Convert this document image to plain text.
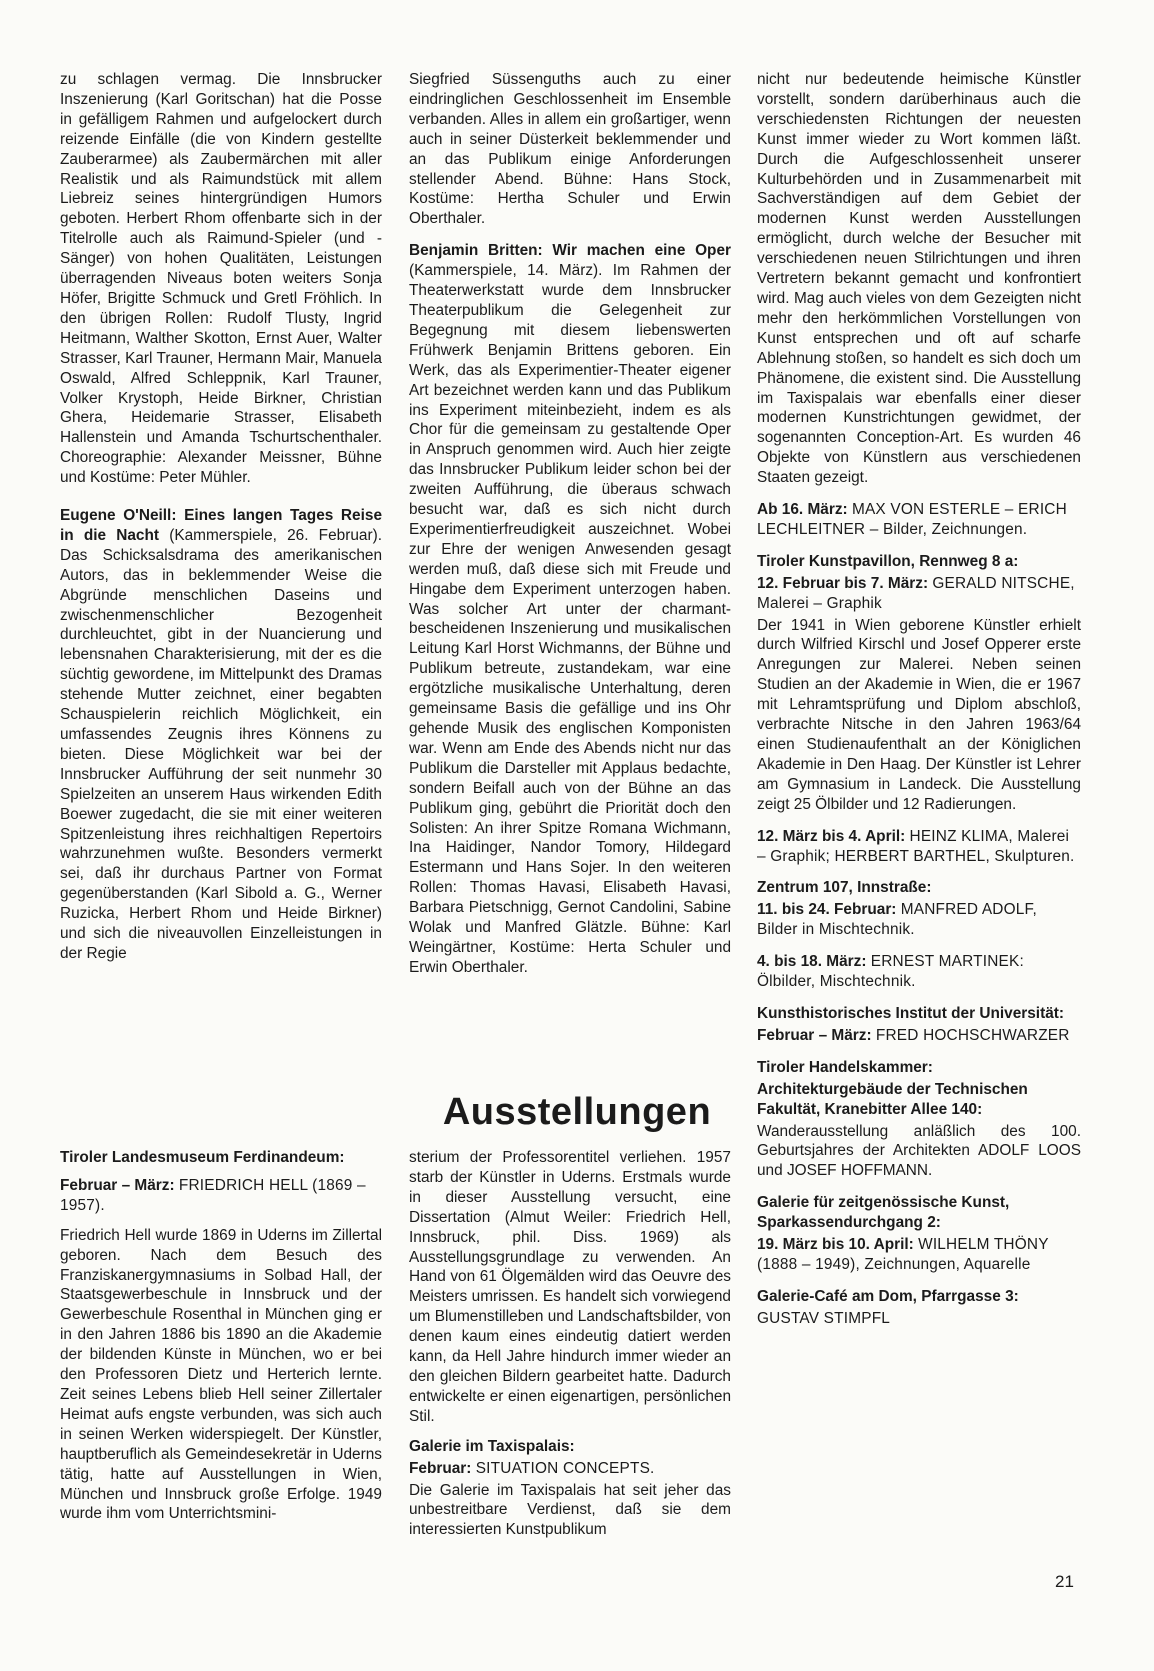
zu schlagen vermag. Die Innsbrucker Inszenierung (Karl Goritschan) hat die Posse in gefälligem Rahmen und aufgelockert durch reizende Einfälle (die von Kindern gestellte Zauberarmee) als Zaubermärchen mit aller Realistik und als Raimundstück mit allem Liebreiz seines hintergründigen Humors geboten. Herbert Rhom offenbarte sich in der Titelrolle auch als Raimund-Spieler (und -Sänger) von hohen Qualitäten, Leistungen überragenden Niveaus boten weiters Sonja Höfer, Brigitte Schmuck und Gretl Fröhlich. In den übrigen Rollen: Rudolf Tlusty, Ingrid Heitmann, Walther Skotton, Ernst Auer, Walter Strasser, Karl Trauner, Hermann Mair, Manuela Oswald, Alfred Schleppnik, Karl Trauner, Volker Krystoph, Heide Birkner, Christian Ghera, Heidemarie Strasser, Elisabeth Hallenstein und Amanda Tschurtschenthaler. Choreographie: Alexander Meissner, Bühne und Kostüme: Peter Mühler.

Eugene O'Neill: Eines langen Tages Reise in die Nacht (Kammerspiele, 26. Februar). Das Schicksalsdrama des amerikanischen Autors, das in beklemmender Weise die Abgründe menschlichen Daseins und zwischenmenschlicher Bezogenheit durchleuchtet, gibt in der Nuancierung und lebensnahen Charakterisierung, mit der es die süchtig gewordene, im Mittelpunkt des Dramas stehende Mutter zeichnet, einer begabten Schauspielerin reichlich Möglichkeit, ein umfassendes Zeugnis ihres Könnens zu bieten. Diese Möglichkeit war bei der Innsbrucker Aufführung der seit nunmehr 30 Spielzeiten an unserem Haus wirkenden Edith Boewer zugedacht, die sie mit einer weiteren Spitzenleistung ihres reichhaltigen Repertoirs wahrzunehmen wußte. Besonders vermerkt sei, daß ihr durchaus Partner von Format gegenüberstanden (Karl Sibold a. G., Werner Ruzicka, Herbert Rhom und Heide Birkner) und sich die niveauvollen Einzelleistungen in der Regie

Siegfried Süssenguths auch zu einer eindringlichen Geschlossenheit im Ensemble verbanden. Alles in allem ein großartiger, wenn auch in seiner Düsterkeit beklemmender und an das Publikum einige Anforderungen stellender Abend. Bühne: Hans Stock, Kostüme: Hertha Schuler und Erwin Oberthaler.

Benjamin Britten: Wir machen eine Oper (Kammerspiele, 14. März). Im Rahmen der Theaterwerkstatt wurde dem Innsbrucker Theaterpublikum die Gelegenheit zur Begegnung mit diesem liebenswerten Frühwerk Benjamin Brittens geboren. Ein Werk, das als Experimentier-Theater eigener Art bezeichnet werden kann und das Publikum ins Experiment miteinbezieht, indem es als Chor für die gemeinsam zu gestaltende Oper in Anspruch genommen wird. Auch hier zeigte das Innsbrucker Publikum leider schon bei der zweiten Aufführung, die überaus schwach besucht war, daß es sich nicht durch Experimentierfreudigkeit auszeichnet. Wobei zur Ehre der wenigen Anwesenden gesagt werden muß, daß diese sich mit Freude und Hingabe dem Experiment unterzogen haben. Was solcher Art unter der charmant-bescheidenen Inszenierung und musikalischen Leitung Karl Horst Wichmanns, der Bühne und Publikum betreute, zustandekam, war eine ergötzliche musikalische Unterhaltung, deren gemeinsame Basis die gefällige und ins Ohr gehende Musik des englischen Komponisten war. Wenn am Ende des Abends nicht nur das Publikum die Darsteller mit Applaus bedachte, sondern Beifall auch von der Bühne an das Publikum ging, gebührt die Priorität doch den Solisten: An ihrer Spitze Romana Wichmann, Ina Haidinger, Nandor Tomory, Hildegard Estermann und Hans Sojer. In den weiteren Rollen: Thomas Havasi, Elisabeth Havasi, Barbara Pietschnigg, Gernot Candolini, Sabine Wolak und Manfred Glätzle. Bühne: Karl Weingärtner, Kostüme: Herta Schuler und Erwin Oberthaler.

nicht nur bedeutende heimische Künstler vorstellt, sondern darüberhinaus auch die verschiedensten Richtungen der neuesten Kunst immer wieder zu Wort kommen läßt. Durch die Aufgeschlossenheit unserer Kulturbehörden und in Zusammenarbeit mit Sachverständigen auf dem Gebiet der modernen Kunst werden Ausstellungen ermöglicht, durch welche der Besucher mit verschiedenen neuen Stilrichtungen und ihren Vertretern bekannt gemacht und konfrontiert wird. Mag auch vieles von dem Gezeigten nicht mehr den herkömmlichen Vorstellungen von Kunst entsprechen und oft auf scharfe Ablehnung stoßen, so handelt es sich doch um Phänomene, die existent sind. Die Ausstellung im Taxispalais war ebenfalls einer dieser modernen Kunstrichtungen gewidmet, der sogenannten Conception-Art. Es wurden 46 Objekte von Künstlern aus verschiedenen Staaten gezeigt.

Ab 16. März: MAX VON ESTERLE – ERICH LECHLEITNER – Bilder, Zeichnungen.

Tiroler Kunstpavillon, Rennweg 8 a:

12. Februar bis 7. März: GERALD NITSCHE, Malerei – Graphik

Der 1941 in Wien geborene Künstler erhielt durch Wilfried Kirschl und Josef Opperer erste Anregungen zur Malerei. Neben seinen Studien an der Akademie in Wien, die er 1967 mit Lehramtsprüfung und Diplom abschloß, verbrachte Nitsche in den Jahren 1963/64 einen Studienaufenthalt an der Königlichen Akademie in Den Haag. Der Künstler ist Lehrer am Gymnasium in Landeck. Die Ausstellung zeigt 25 Ölbilder und 12 Radierungen.

12. März bis 4. April: HEINZ KLIMA, Malerei – Graphik; HERBERT BARTHEL, Skulpturen.

Zentrum 107, Innstraße:

11. bis 24. Februar: MANFRED ADOLF, Bilder in Mischtechnik.

4. bis 18. März: ERNEST MARTINEK: Ölbilder, Mischtechnik.

Kunsthistorisches Institut der Universität:

Februar – März: FRED HOCHSCHWARZER

Tiroler Handelskammer:

Architekturgebäude der Technischen Fakultät, Kranebitter Allee 140:

Wanderausstellung anläßlich des 100. Geburtsjahres der Architekten ADOLF LOOS und JOSEF HOFFMANN.

Galerie für zeitgenössische Kunst, Sparkassendurchgang 2:

19. März bis 10. April: WILHELM THÖNY (1888 – 1949), Zeichnungen, Aquarelle

Galerie-Café am Dom, Pfarrgasse 3:

GUSTAV STIMPFL

Ausstellungen

Tiroler Landesmuseum Ferdinandeum:

Februar – März: FRIEDRICH HELL (1869 – 1957).

Friedrich Hell wurde 1869 in Uderns im Zillertal geboren. Nach dem Besuch des Franziskanergymnasiums in Solbad Hall, der Staatsgewerbeschule in Innsbruck und der Gewerbeschule Rosenthal in München ging er in den Jahren 1886 bis 1890 an die Akademie der bildenden Künste in München, wo er bei den Professoren Dietz und Herterich lernte. Zeit seines Lebens blieb Hell seiner Zillertaler Heimat aufs engste verbunden, was sich auch in seinen Werken widerspiegelt. Der Künstler, hauptberuflich als Gemeindesekretär in Uderns tätig, hatte auf Ausstellungen in Wien, München und Innsbruck große Erfolge. 1949 wurde ihm vom Unterrichtsmini-

sterium der Professorentitel verliehen. 1957 starb der Künstler in Uderns. Erstmals wurde in dieser Ausstellung versucht, eine Dissertation (Almut Weiler: Friedrich Hell, Innsbruck, phil. Diss. 1969) als Ausstellungsgrundlage zu verwenden. An Hand von 61 Ölgemälden wird das Oeuvre des Meisters umrissen. Es handelt sich vorwiegend um Blumenstilleben und Landschaftsbilder, von denen kaum eines eindeutig datiert werden kann, da Hell Jahre hindurch immer wieder an den gleichen Bildern gearbeitet hatte. Dadurch entwickelte er einen eigenartigen, persönlichen Stil.

Galerie im Taxispalais:

Februar: SITUATION CONCEPTS.

Die Galerie im Taxispalais hat seit jeher das unbestreitbare Verdienst, daß sie dem interessierten Kunstpublikum

21
